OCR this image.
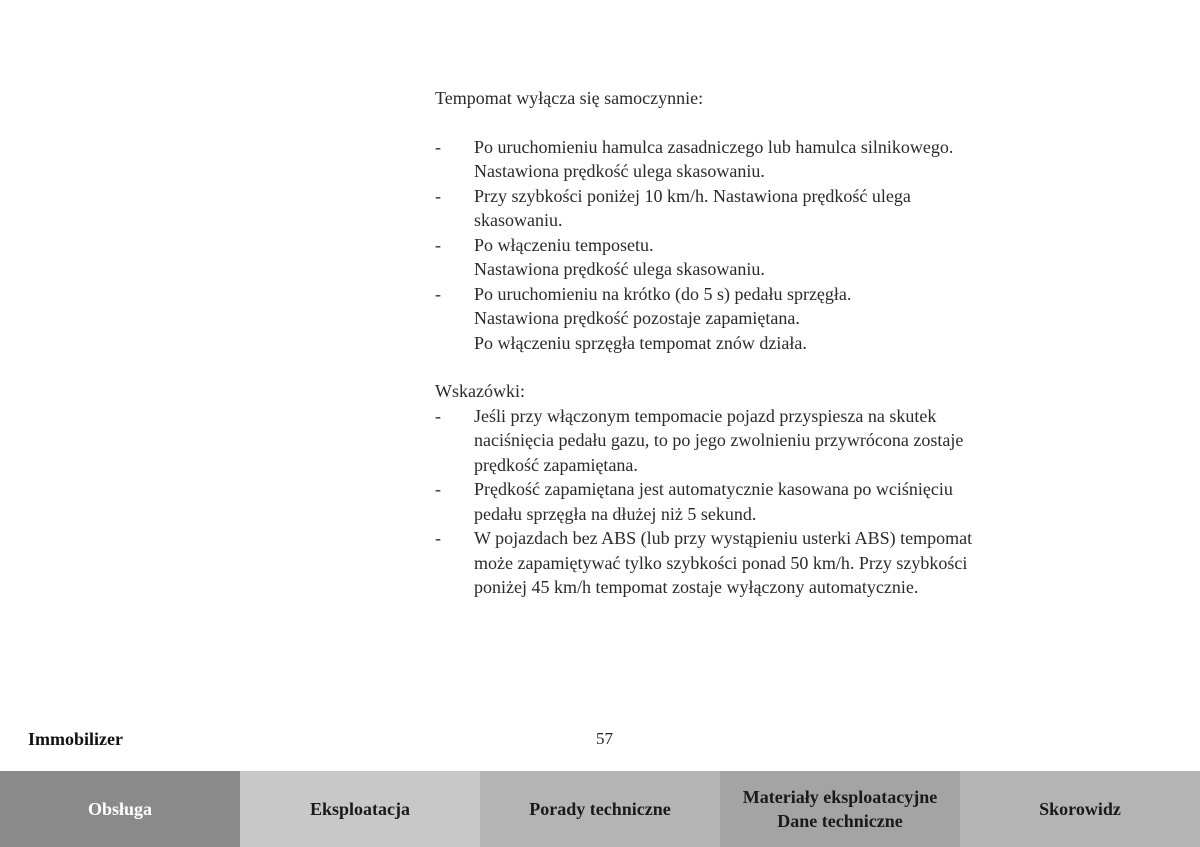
Tempomat wyłącza się samoczynnie:

- Po uruchomieniu hamulca zasadniczego lub hamulca silnikowego.
Nastawiona prędkość ulega skasowaniu.
- Przy szybkości poniżej 10 km/h. Nastawiona prędkość ulega
skasowaniu.
- Po włączeniu temposetu.
Nastawiona prędkość ulega skasowaniu.
- Po uruchomieniu na krótko (do 5 s) pedału sprzęgła.
Nastawiona prędkość pozostaje zapamiętana.
Po włączeniu sprzęgła tempomat znów działa.

Wskazówki:

- Jeśli przy włączonym tempomacie pojazd przyspiesza na skutek
naciśnięcia pedału gazu, to po jego zwolnieniu przywrócona zostaje
prędkość zapamiętana.
- Prędkość zapamiętana jest automatycznie kasowana po wciśnięciu
pedału sprzęgła na dłużej niż 5 sekund.
- W pojazdach bez ABS (lub przy wystąpieniu usterki ABS) tempomat
może zapamiętywać tylko szybkości ponad 50 km/h. Przy szybkości
poniżej 45 km/h tempomat zostaje wyłączony automatycznie.
Immobilizer	57
Obsługa	Eksploatacja	Porady techniczne
Materiały eksploatacyjne
Dane techniczne
Skorowidz
